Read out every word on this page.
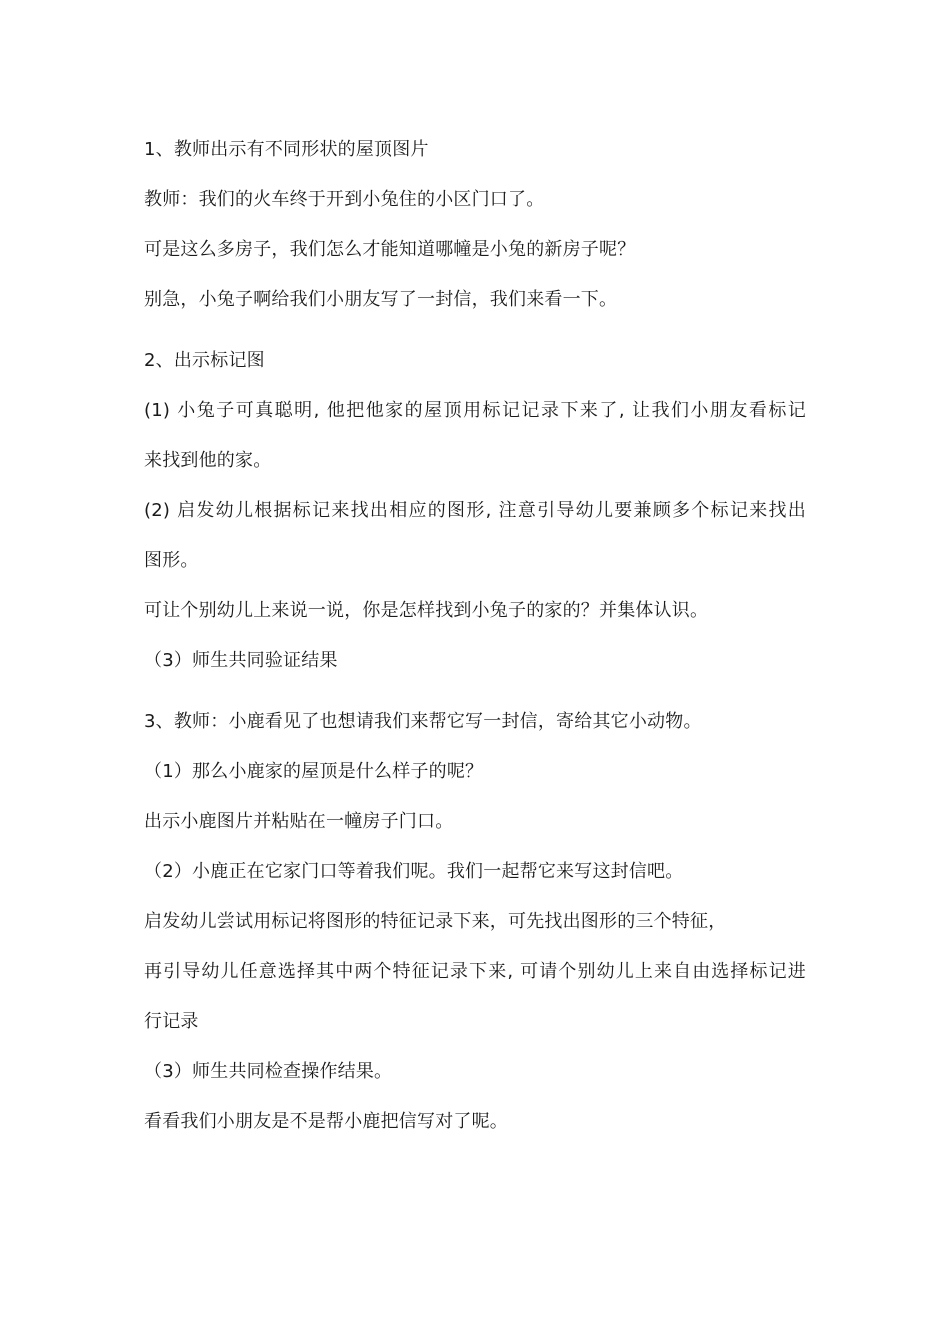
1、教师出示有不同形状的屋顶图片
教师：我们的火车终于开到小兔住的小区门口了。
可是这么多房子，我们怎么才能知道哪幢是小兔的新房子呢？
别急，小兔子啊给我们小朋友写了一封信，我们来看一下。
2、出示标记图
(1) 小兔子可真聪明, 他把他家的屋顶用标记记录下来了, 让我们小朋友看标记
来找到他的家。
(2) 启发幼儿根据标记来找出相应的图形, 注意引导幼儿要兼顾多个标记来找出
图形。
可让个别幼儿上来说一说，你是怎样找到小兔子的家的？并集体认识。
（3）师生共同验证结果
3、教师：小鹿看见了也想请我们来帮它写一封信，寄给其它小动物。
（1）那么小鹿家的屋顶是什么样子的呢？
出示小鹿图片并粘贴在一幢房子门口。
（2）小鹿正在它家门口等着我们呢。我们一起帮它来写这封信吧。
启发幼儿尝试用标记将图形的特征记录下来，可先找出图形的三个特征，
再引导幼儿任意选择其中两个特征记录下来, 可请个别幼儿上来自由选择标记进
行记录
（3）师生共同检查操作结果。
看看我们小朋友是不是帮小鹿把信写对了呢。
